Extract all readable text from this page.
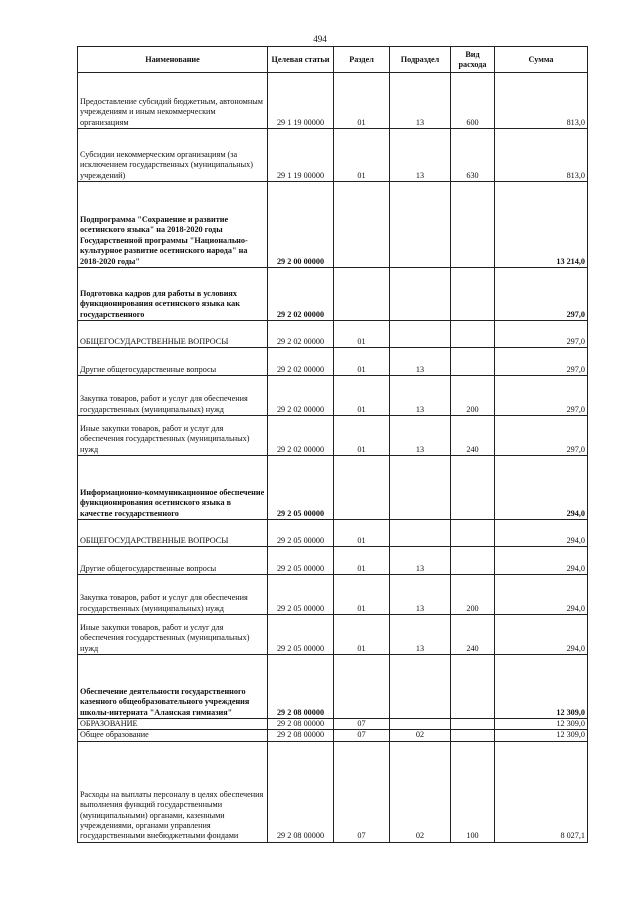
494
Наименование	Целевая статьи	Раздел	Подраздел	Вид расхода	Сумма
Предоставление субсидий бюджетным, автономным учреждениям и иным некоммерческим организациям	29 1 19 00000	01	13	600	813,0
Субсидии некоммерческим организациям (за исключением государственных (муниципальных) учреждений)	29 1 19 00000	01	13	630	813,0
Подпрограмма "Сохранение и развитие осетинского языка" на 2018-2020 годы Государственной программы "Национально-культурное развитие осетинского народа" на 2018-2020 годы"	29 2 00 00000				13 214,0
Подготовка кадров для работы в условиях функционирования осетинского языка как государственного	29 2 02 00000				297,0
ОБЩЕГОСУДАРСТВЕННЫЕ ВОПРОСЫ	29 2 02 00000	01			297,0
Другие общегосударственные вопросы	29 2 02 00000	01	13		297,0
Закупка товаров, работ и услуг для обеспечения государственных (муниципальных) нужд	29 2 02 00000	01	13	200	297,0
Иные закупки товаров, работ и услуг для обеспечения государственных (муниципальных) нужд	29 2 02 00000	01	13	240	297,0
Информационно-коммуникационное обеспечение функционирования осетинского языка в качестве государственного	29 2 05 00000				294,0
ОБЩЕГОСУДАРСТВЕННЫЕ ВОПРОСЫ	29 2 05 00000	01			294,0
Другие общегосударственные вопросы	29 2 05 00000	01	13		294,0
Закупка товаров, работ и услуг для обеспечения государственных (муниципальных) нужд	29 2 05 00000	01	13	200	294,0
Иные закупки товаров, работ и услуг для обеспечения государственных (муниципальных) нужд	29 2 05 00000	01	13	240	294,0
Обеспечение деятельности государственного казенного общеобразовательного учреждения школы-интерната "Аланская гимназия"	29 2 08 00000				12 309,0
ОБРАЗОВАНИЕ	29 2 08 00000	07			12 309,0
Общее образование	29 2 08 00000	07	02		12 309,0
Расходы на выплаты персоналу в целях обеспечения выполнения функций государственными (муниципальными) органами, казенными учреждениями, органами управления государственными внебюджетными фондами	29 2 08 00000	07	02	100	8 027,1
